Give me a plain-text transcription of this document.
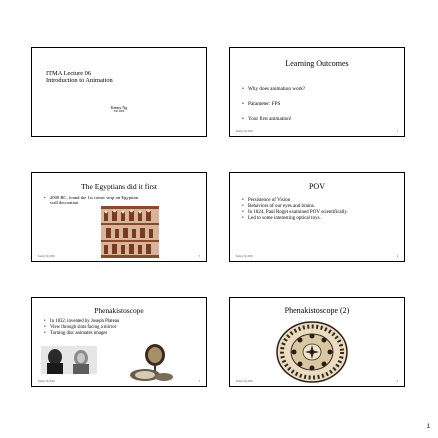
ITMA Lecture 06
Introduction to Animation
Kenny Ng
Fall 2009
Learning Outcomes
• Why does animation work?
• Parameter: FPS
• Your first animation!
Kenny Ng 2009	2
The Egyptians did it first
• 2000 BC, found the 1st comic strip on Egyptian wall decoration
Kenny Ng 2009	3
POV
• Persistence of Vision
• Behaviors of our eyes and brains.
• In 1824, Paul Roget examined POV scientifically.
• Led to some interesting optical toys.
Kenny Ng 2009	4
Phenakistoscope
• In 1832, invented by Joseph Plateau
• View through slots facing a mirror
• Turning disc animates images
Kenny Ng 2009	5
Phenakistoscope (2)
Kenny Ng 2009	6
1
